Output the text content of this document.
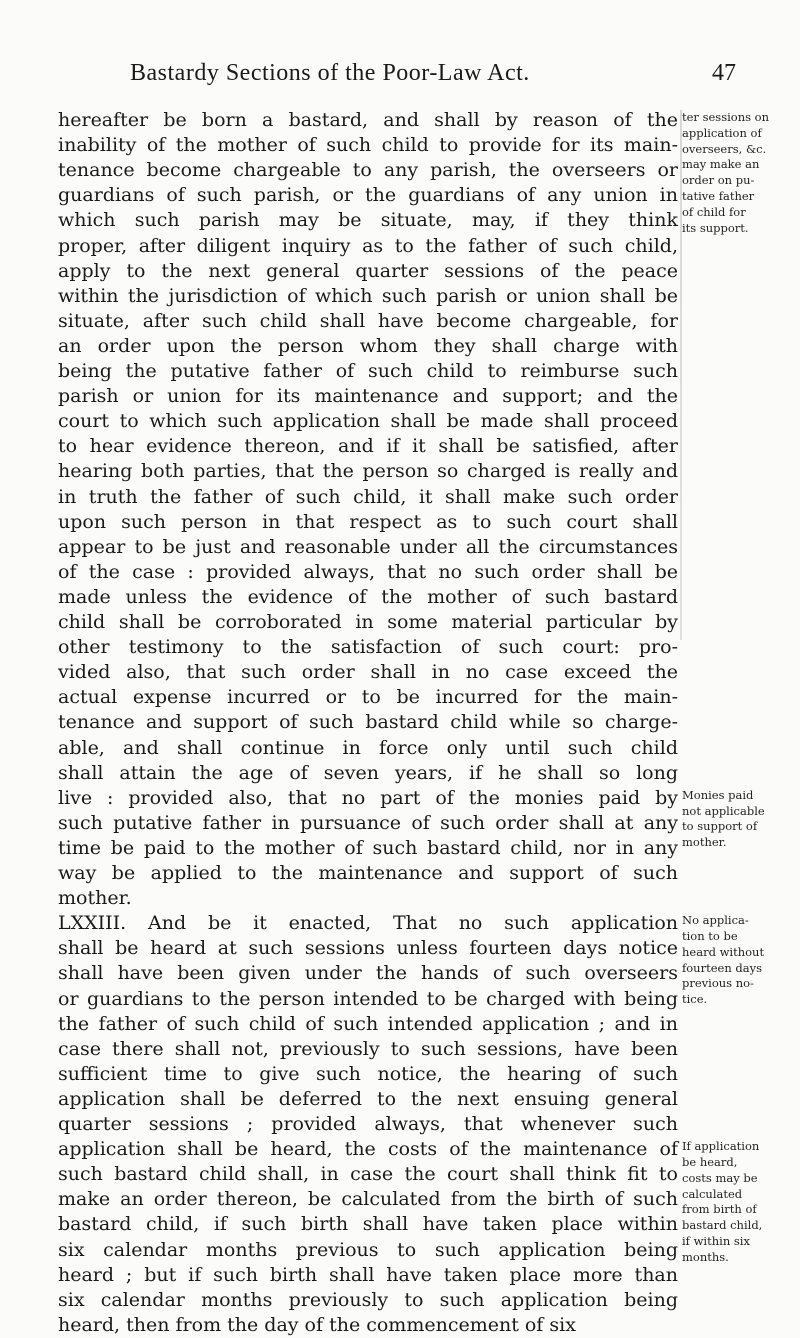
Bastardy Sections of the Poor-Law Act.	47
hereafter be born a bastard, and shall by reason of the
inability of the mother of such child to provide for its main-
tenance become chargeable to any parish, the overseers or
guardians of such parish, or the guardians of any union in
which such parish may be situate, may, if they think
proper, after diligent inquiry as to the father of such child,
apply to the next general quarter sessions of the peace
within the jurisdiction of which such parish or union shall be
situate, after such child shall have become chargeable, for
an order upon the person whom they shall charge with
being the putative father of such child to reimburse such
parish or union for its maintenance and support; and the
court to which such application shall be made shall proceed
to hear evidence thereon, and if it shall be satisfied, after
hearing both parties, that the person so charged is really and
in truth the father of such child, it shall make such order
upon such person in that respect as to such court shall
appear to be just and reasonable under all the circumstances
of the case : provided always, that no such order shall be
made unless the evidence of the mother of such bastard
child shall be corroborated in some material particular by
other testimony to the satisfaction of such court: pro-
vided also, that such order shall in no case exceed the
actual expense incurred or to be incurred for the main-
tenance and support of such bastard child while so charge-
able, and shall continue in force only until such child
shall attain the age of seven years, if he shall so long
live : provided also, that no part of the monies paid by
such putative father in pursuance of such order shall at any
time be paid to the mother of such bastard child, nor in any
way be applied to the maintenance and support of such
mother.
LXXIII. And be it enacted, That no such application
shall be heard at such sessions unless fourteen days notice
shall have been given under the hands of such overseers
or guardians to the person intended to be charged with being
the father of such child of such intended application ; and in
case there shall not, previously to such sessions, have been
sufficient time to give such notice, the hearing of such
application shall be deferred to the next ensuing general
quarter sessions ; provided always, that whenever such
application shall be heard, the costs of the maintenance of
such bastard child shall, in case the court shall think fit to
make an order thereon, be calculated from the birth of such
bastard child, if such birth shall have taken place within
six calendar months previous to such application being
heard ; but if such birth shall have taken place more than
six calendar months previously to such application being
heard, then from the day of the commencement of six
ter sessions on
application of
overseers, &c.
may make an
order on pu-
tative father
of child for
its support.
Monies paid
not applicable
to support of
mother.
No applica-
tion to be
heard without
fourteen days
previous no-
tice.
If application
be heard,
costs may be
calculated
from birth of
bastard child,
if within six
months.
